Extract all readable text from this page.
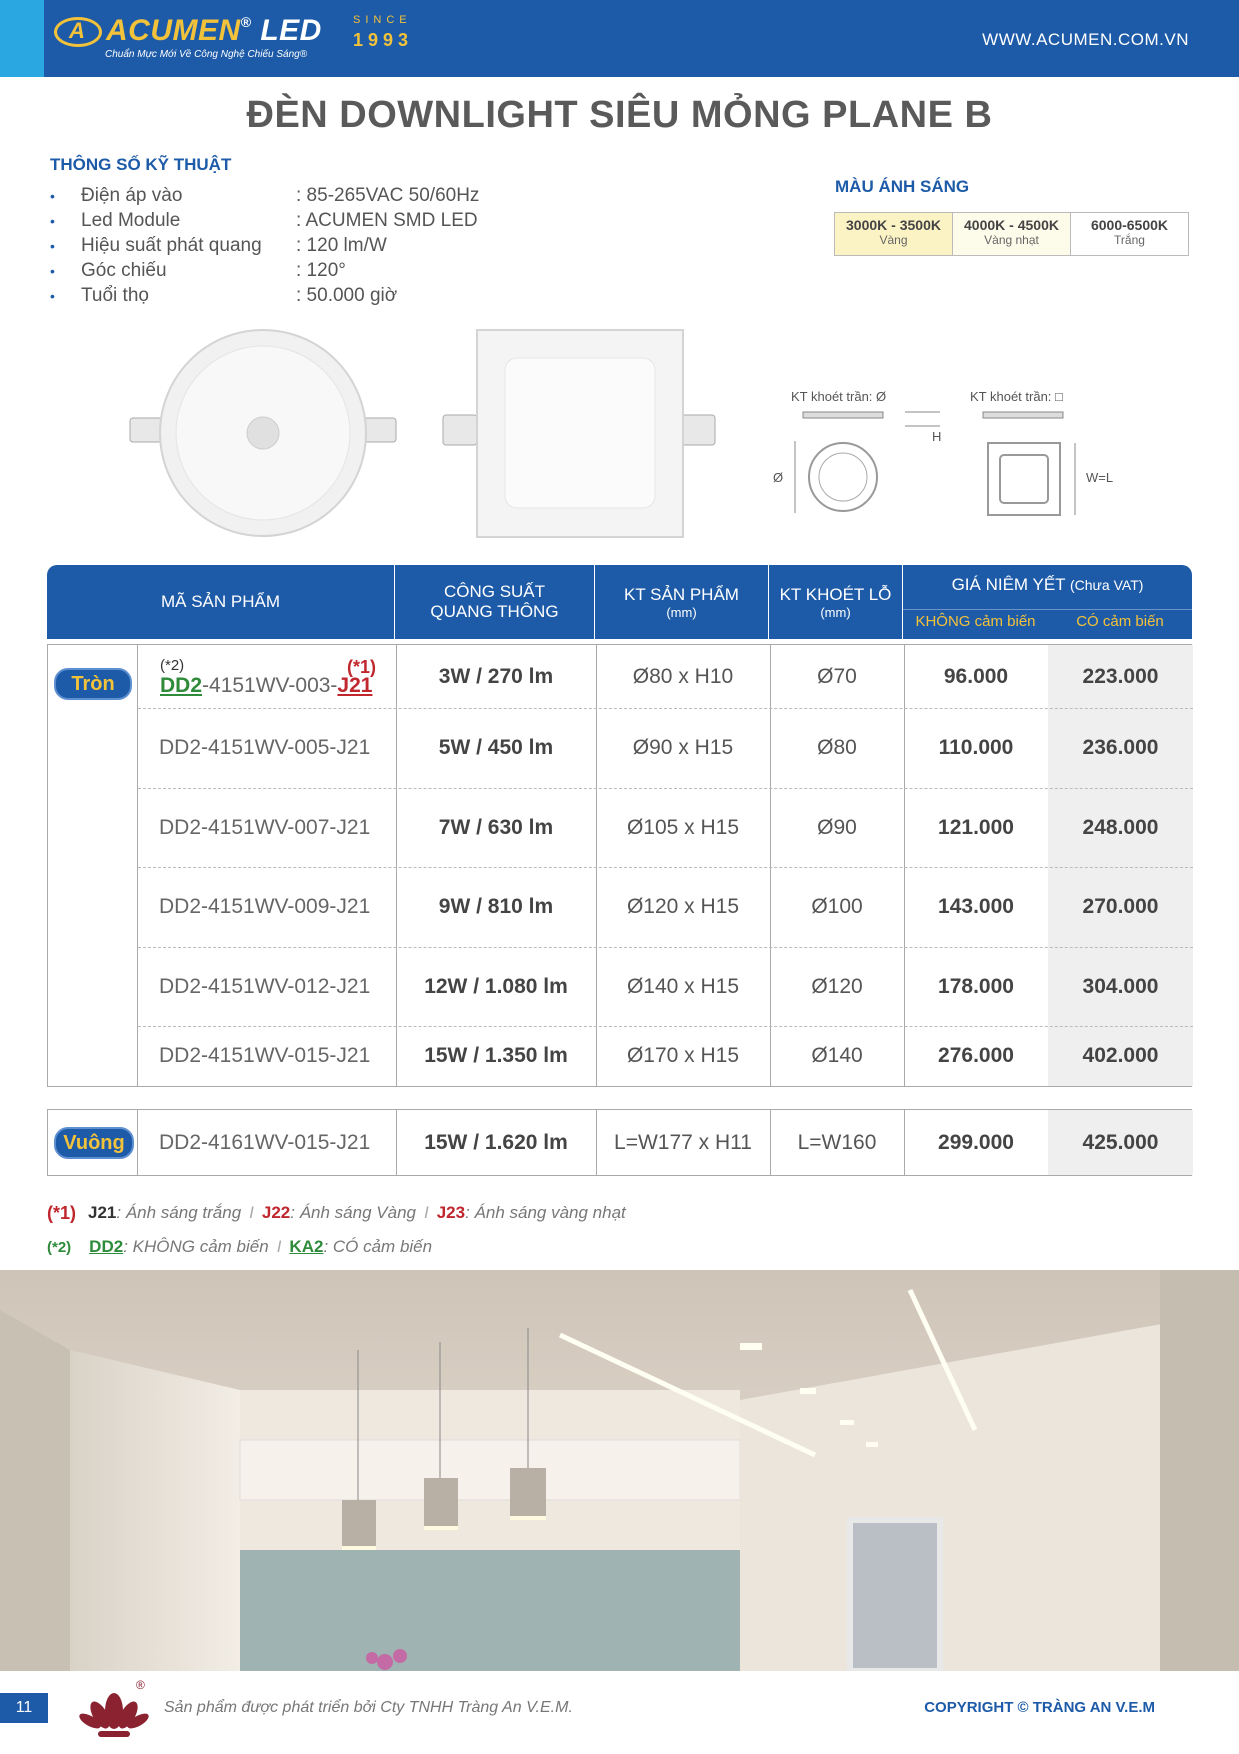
A ACUMEN® LED
Chuẩn Mực Mới Về Công Nghệ Chiếu Sáng®
SINCE
1993	WWW.ACUMEN.COM.VN
ĐÈN DOWNLIGHT SIÊU MỎNG PLANE B
THÔNG SỐ KỸ THUẬT
•	Điện áp vào	: 85-265VAC 50/60Hz
•	Led Module	: ACUMEN SMD LED
•	Hiệu suất phát quang	: 120 lm/W
•	Góc chiếu	: 120°
•	Tuổi thọ	: 50.000 giờ
MÀU ÁNH SÁNG
3000K - 3500K
Vàng
4000K - 4500K
Vàng nhạt
6000-6500K
Trắng
KT khoét trần: Ø	KT khoét trần: □
H
Ø	W=L
MÃ SẢN PHẨM
CÔNG SUẤT
QUANG THÔNG
KT SẢN PHẨM
(mm)
KT KHOÉT LỖ
(mm)
GIÁ NIÊM YẾT (Chưa VAT)
KHÔNG cảm biến	CÓ cảm biến
Tròn
(*2)	(*1)
DD2-4151WV-003-J21	3W / 270 lm	Ø80 x H10	Ø70	96.000	223.000
DD2-4151WV-005-J21	5W / 450 lm	Ø90 x H15	Ø80	110.000	236.000
DD2-4151WV-007-J21	7W / 630 lm	Ø105 x H15	Ø90	121.000	248.000
DD2-4151WV-009-J21	9W / 810 lm	Ø120 x H15	Ø100	143.000	270.000
DD2-4151WV-012-J21	12W / 1.080 lm	Ø140 x H15	Ø120	178.000	304.000
DD2-4151WV-015-J21	15W / 1.350 lm	Ø170 x H15	Ø140	276.000	402.000
Vuông	DD2-4161WV-015-J21	15W / 1.620 lm	L=W177 x H11	L=W160	299.000	425.000
(*1) J21 : Ánh sáng trắng I J22 : Ánh sáng Vàng I J23 : Ánh sáng vàng nhạt
(*2) DD2 : KHÔNG cảm biến I KA2 : CÓ cảm biến
11
®
Sản phẩm được phát triển bởi Cty TNHH Tràng An V.E.M.	COPYRIGHT © TRÀNG AN V.E.M
